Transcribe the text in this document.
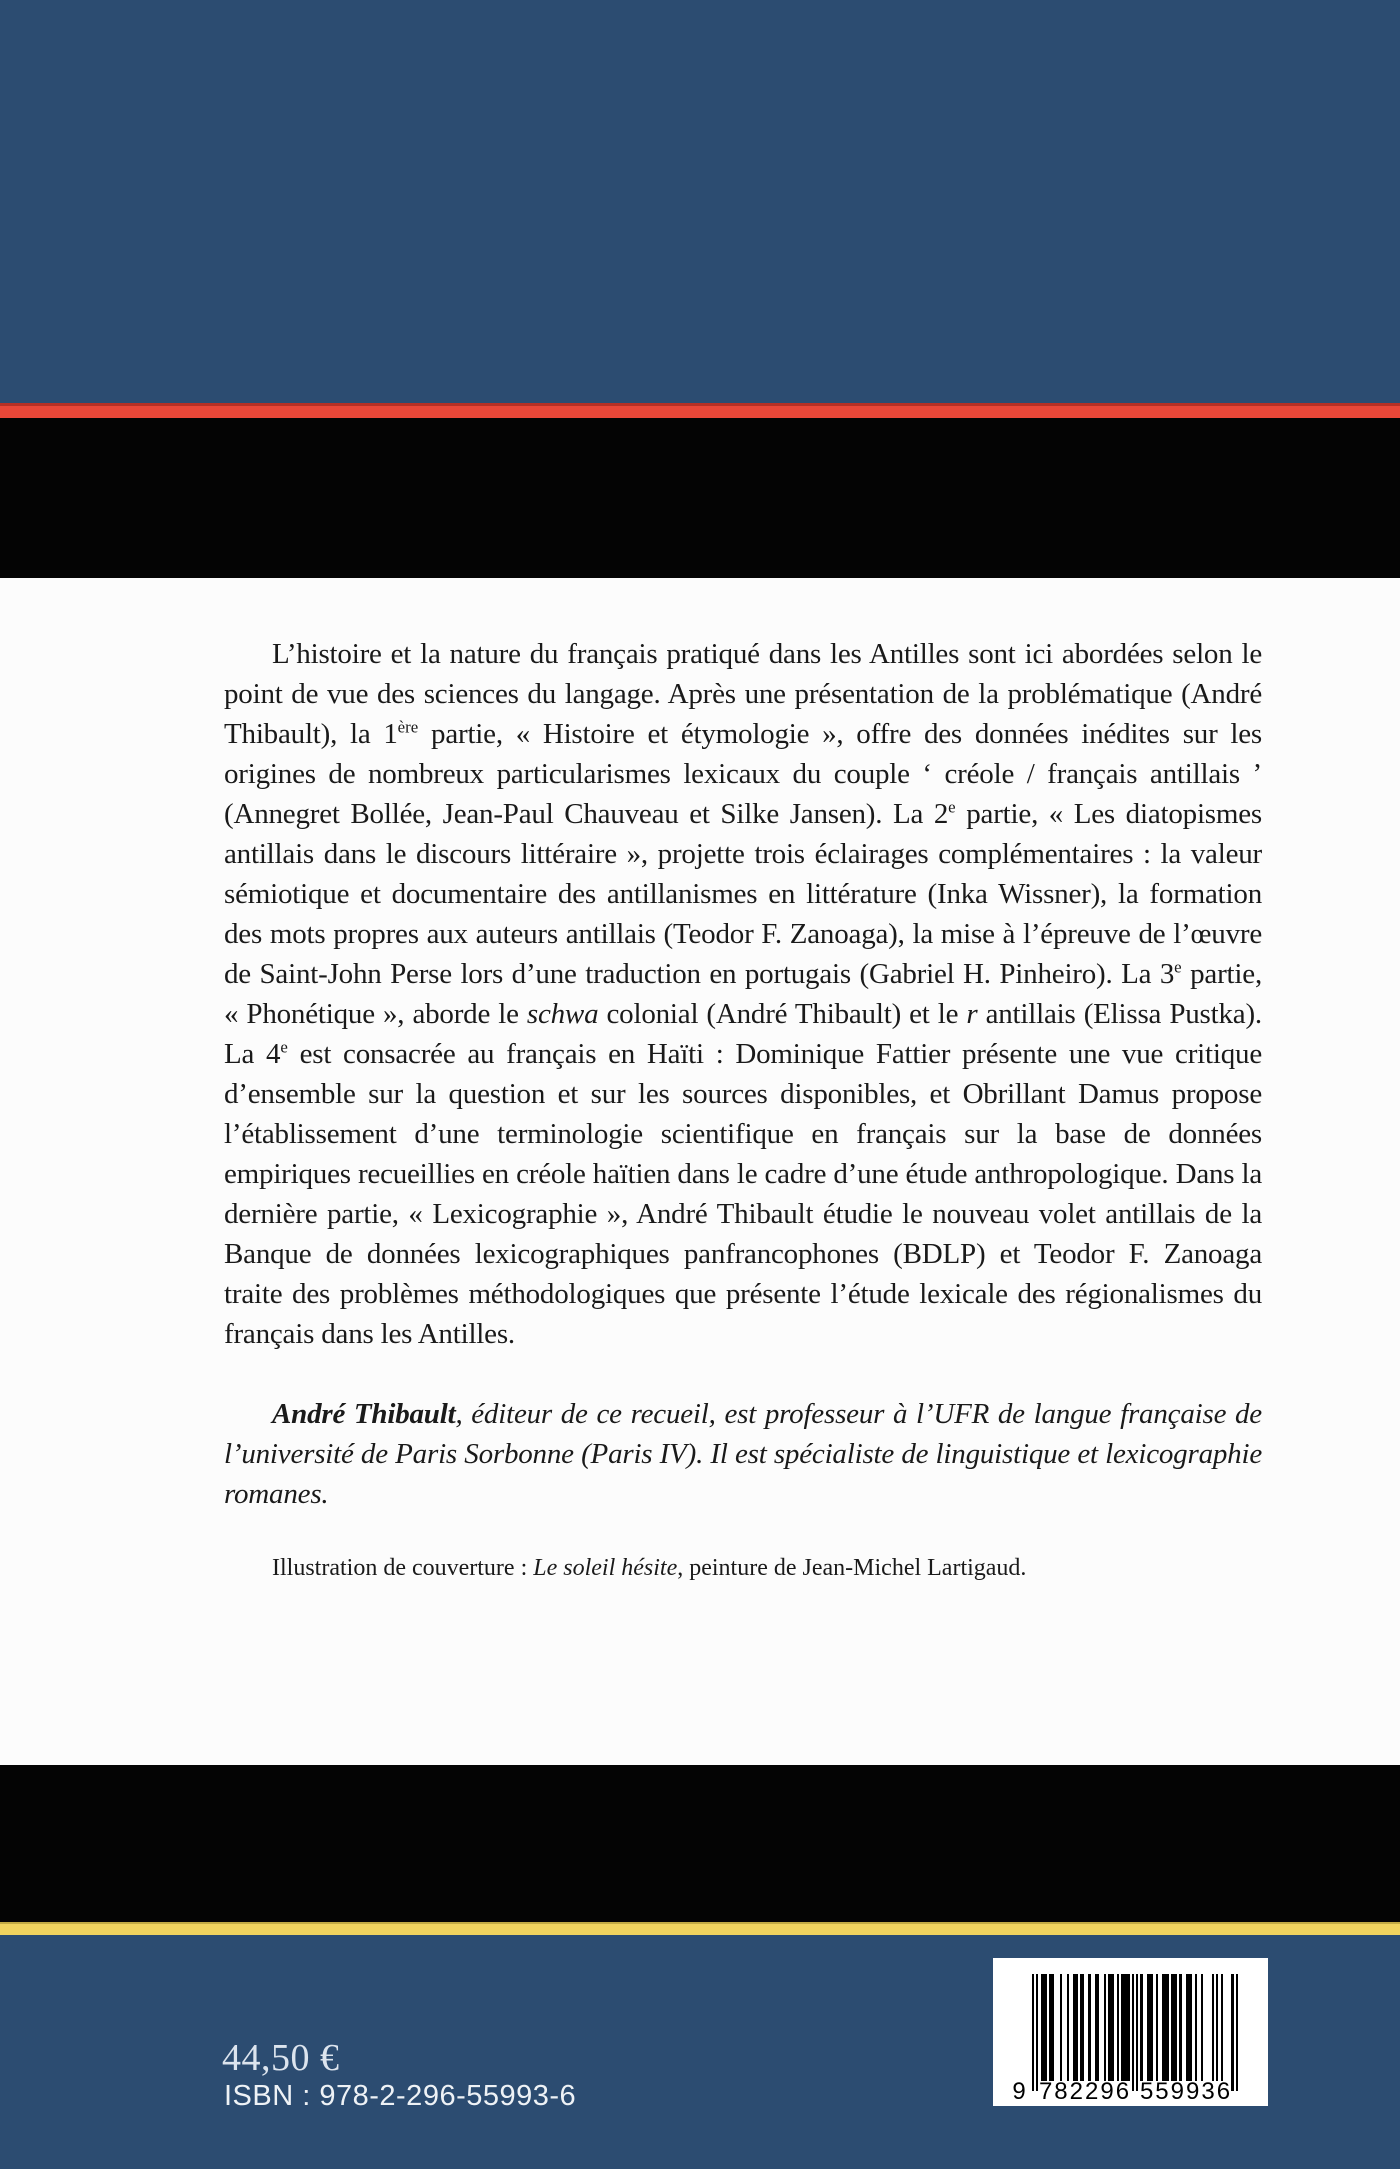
L’histoire et la nature du français pratiqué dans les Antilles sont ici abordées selon le point de vue des sciences du langage. Après une présentation de la problématique (André Thibault), la 1ère partie, « Histoire et étymologie », offre des données inédites sur les origines de nombreux particularismes lexicaux du couple ‘ créole / français antillais ’ (Annegret Bollée, Jean-Paul Chauveau et Silke Jansen). La 2e partie, « Les diatopismes antillais dans le discours littéraire », projette trois éclairages complémentaires : la valeur sémiotique et documentaire des antillanismes en littérature (Inka Wissner), la formation des mots propres aux auteurs antillais (Teodor F. Zanoaga), la mise à l’épreuve de l’œuvre de Saint-John Perse lors d’une traduction en portugais (Gabriel H. Pinheiro). La 3e partie, « Phonétique », aborde le schwa colonial (André Thibault) et le r antillais (Elissa Pustka). La 4e est consacrée au français en Haïti : Dominique Fattier présente une vue critique d’ensemble sur la question et sur les sources disponibles, et Obrillant Damus propose l’établissement d’une terminologie scientifique en français sur la base de données empiriques recueillies en créole haïtien dans le cadre d’une étude anthropologique. Dans la dernière partie, « Lexicographie », André Thibault étudie le nouveau volet antillais de la Banque de données lexicographiques panfrancophones (BDLP) et Teodor F. Zanoaga traite des problèmes méthodologiques que présente l’étude lexicale des régionalismes du français dans les Antilles.

André Thibault, éditeur de ce recueil, est professeur à l’UFR de langue française de l’université de Paris Sorbonne (Paris IV). Il est spécialiste de linguistique et lexicographie romanes.

Illustration de couverture : Le soleil hésite, peinture de Jean-Michel Lartigaud.

44,50 €
ISBN : 978-2-296-55993-6	9 782296 559936
